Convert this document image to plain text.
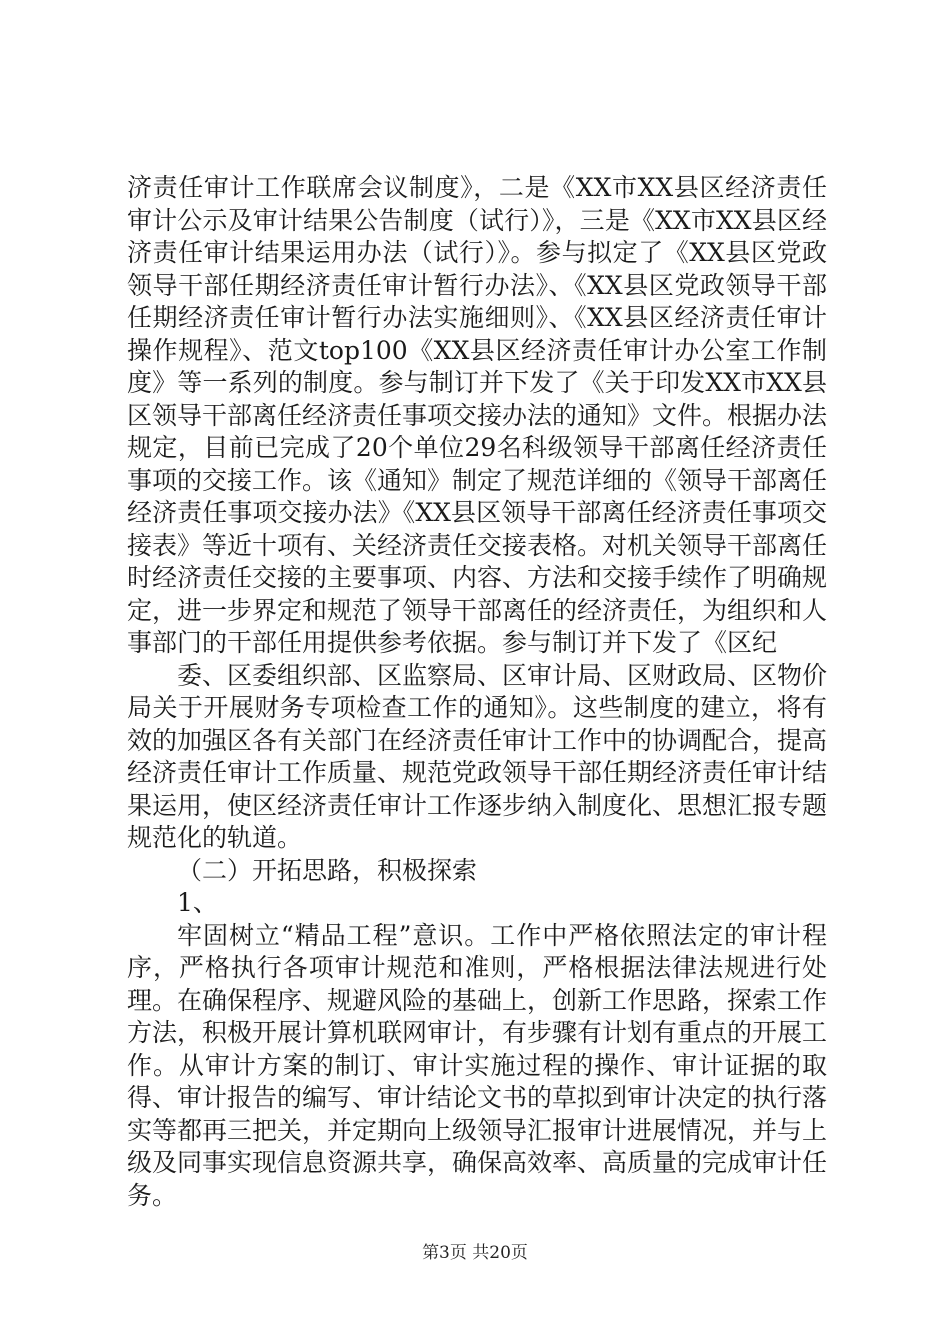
济责任审计工作联席会议制度》，二是《XX市XX县区经济责任审计公示及审计结果公告制度（试行）》，三是《XX市XX县区经济责任审计结果运用办法（试行）》。参与拟定了《XX县区党政领导干部任期经济责任审计暂行办法》、《XX县区党政领导干部任期经济责任审计暂行办法实施细则》、《XX县区经济责任审计操作规程》、范文top100《XX县区经济责任审计办公室工作制度》等一系列的制度。参与制订并下发了《关于印发XX市XX县区领导干部离任经济责任事项交接办法的通知》文件。根据办法规定，目前已完成了20个单位29名科级领导干部离任经济责任事项的交接工作。该《通知》制定了规范详细的《领导干部离任经济责任事项交接办法》《XX县区领导干部离任经济责任事项交接表》等近十项有、关经济责任交接表格。对机关领导干部离任时经济责任交接的主要事项、内容、方法和交接手续作了明确规定，进一步界定和规范了领导干部离任的经济责任，为组织和人事部门的干部任用提供参考依据。参与制订并下发了《区纪

委、区委组织部、区监察局、区审计局、区财政局、区物价局关于开展财务专项检查工作的通知》。这些制度的建立，将有效的加强区各有关部门在经济责任审计工作中的协调配合，提高经济责任审计工作质量、规范党政领导干部任期经济责任审计结果运用，使区经济责任审计工作逐步纳入制度化、思想汇报专题规范化的轨道。

（二）开拓思路，积极探索

1、

牢固树立“精品工程”意识。工作中严格依照法定的审计程序，严格执行各项审计规范和准则，严格根据法律法规进行处理。在确保程序、规避风险的基础上，创新工作思路，探索工作方法，积极开展计算机联网审计，有步骤有计划有重点的开展工作。从审计方案的制订、审计实施过程的操作、审计证据的取得、审计报告的编写、审计结论文书的草拟到审计决定的执行落实等都再三把关，并定期向上级领导汇报审计进展情况，并与上级及同事实现信息资源共享，确保高效率、高质量的完成审计任务。

第3页 共20页
